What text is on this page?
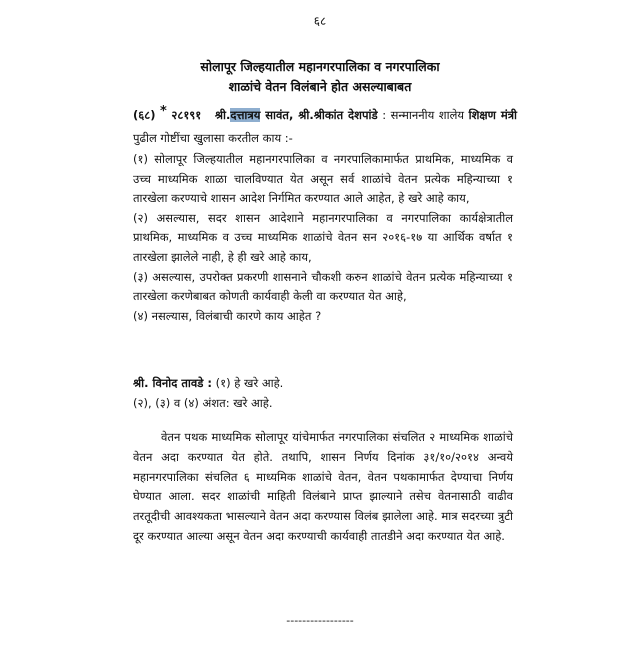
६८
सोलापूर जिल्हयातील महानगरपालिका व नगरपालिका
शाळांचे वेतन विलंबाने होत असल्याबाबत
(६८) * २८१९१ श्री.दत्तात्रय सावंत, श्री.श्रीकांत देशपांडे : सन्माननीय शालेय शिक्षण मंत्री पुढील गोष्टींचा खुलासा करतील काय :-
(१) सोलापूर जिल्हयातील महानगरपालिका व नगरपालिकामार्फत प्राथमिक, माध्यमिक व उच्च माध्यमिक शाळा चालविण्यात येत असून सर्व शाळांचे वेतन प्रत्येक महिन्याच्या १ तारखेला करण्याचे शासन आदेश निर्गमित करण्यात आले आहेत, हे खरे आहे काय,
(२) असल्यास, सदर शासन आदेशाने महानगरपालिका व नगरपालिका कार्यक्षेत्रातील प्राथमिक, माध्यमिक व उच्च माध्यमिक शाळांचे वेतन सन २०१६-१७ या आर्थिक वर्षात १ तारखेला झालेले नाही, हे ही खरे आहे काय,
(३) असल्यास, उपरोक्त प्रकरणी शासनाने चौकशी करुन शाळांचे वेतन प्रत्येक महिन्याच्या १ तारखेला करणेबाबत कोणती कार्यवाही केली वा करण्यात येत आहे,
(४) नसल्यास, विलंबाची कारणे काय आहेत ?
श्री. विनोद तावडे : (१) हे खरे आहे.
(२), (३) व (४) अंशत: खरे आहे.
वेतन पथक माध्यमिक सोलापूर यांचेमार्फत नगरपालिका संचलित २ माध्यमिक शाळांचे वेतन अदा करण्यात येत होते. तथापि, शासन निर्णय दिनांक ३१/१०/२०१४ अन्वये महानगरपालिका संचलित ६ माध्यमिक शाळांचे वेतन, वेतन पथकामार्फत देण्याचा निर्णय घेण्यात आला. सदर शाळांची माहिती विलंबाने प्राप्त झाल्याने तसेच वेतनासाठी वाढीव तरतूदीची आवश्यकता भासल्याने वेतन अदा करण्यास विलंब झालेला आहे. मात्र सदरच्या त्रुटी दूर करण्यात आल्या असून वेतन अदा करण्याची कार्यवाही तातडीने अदा करण्यात येत आहे.
-----------------
